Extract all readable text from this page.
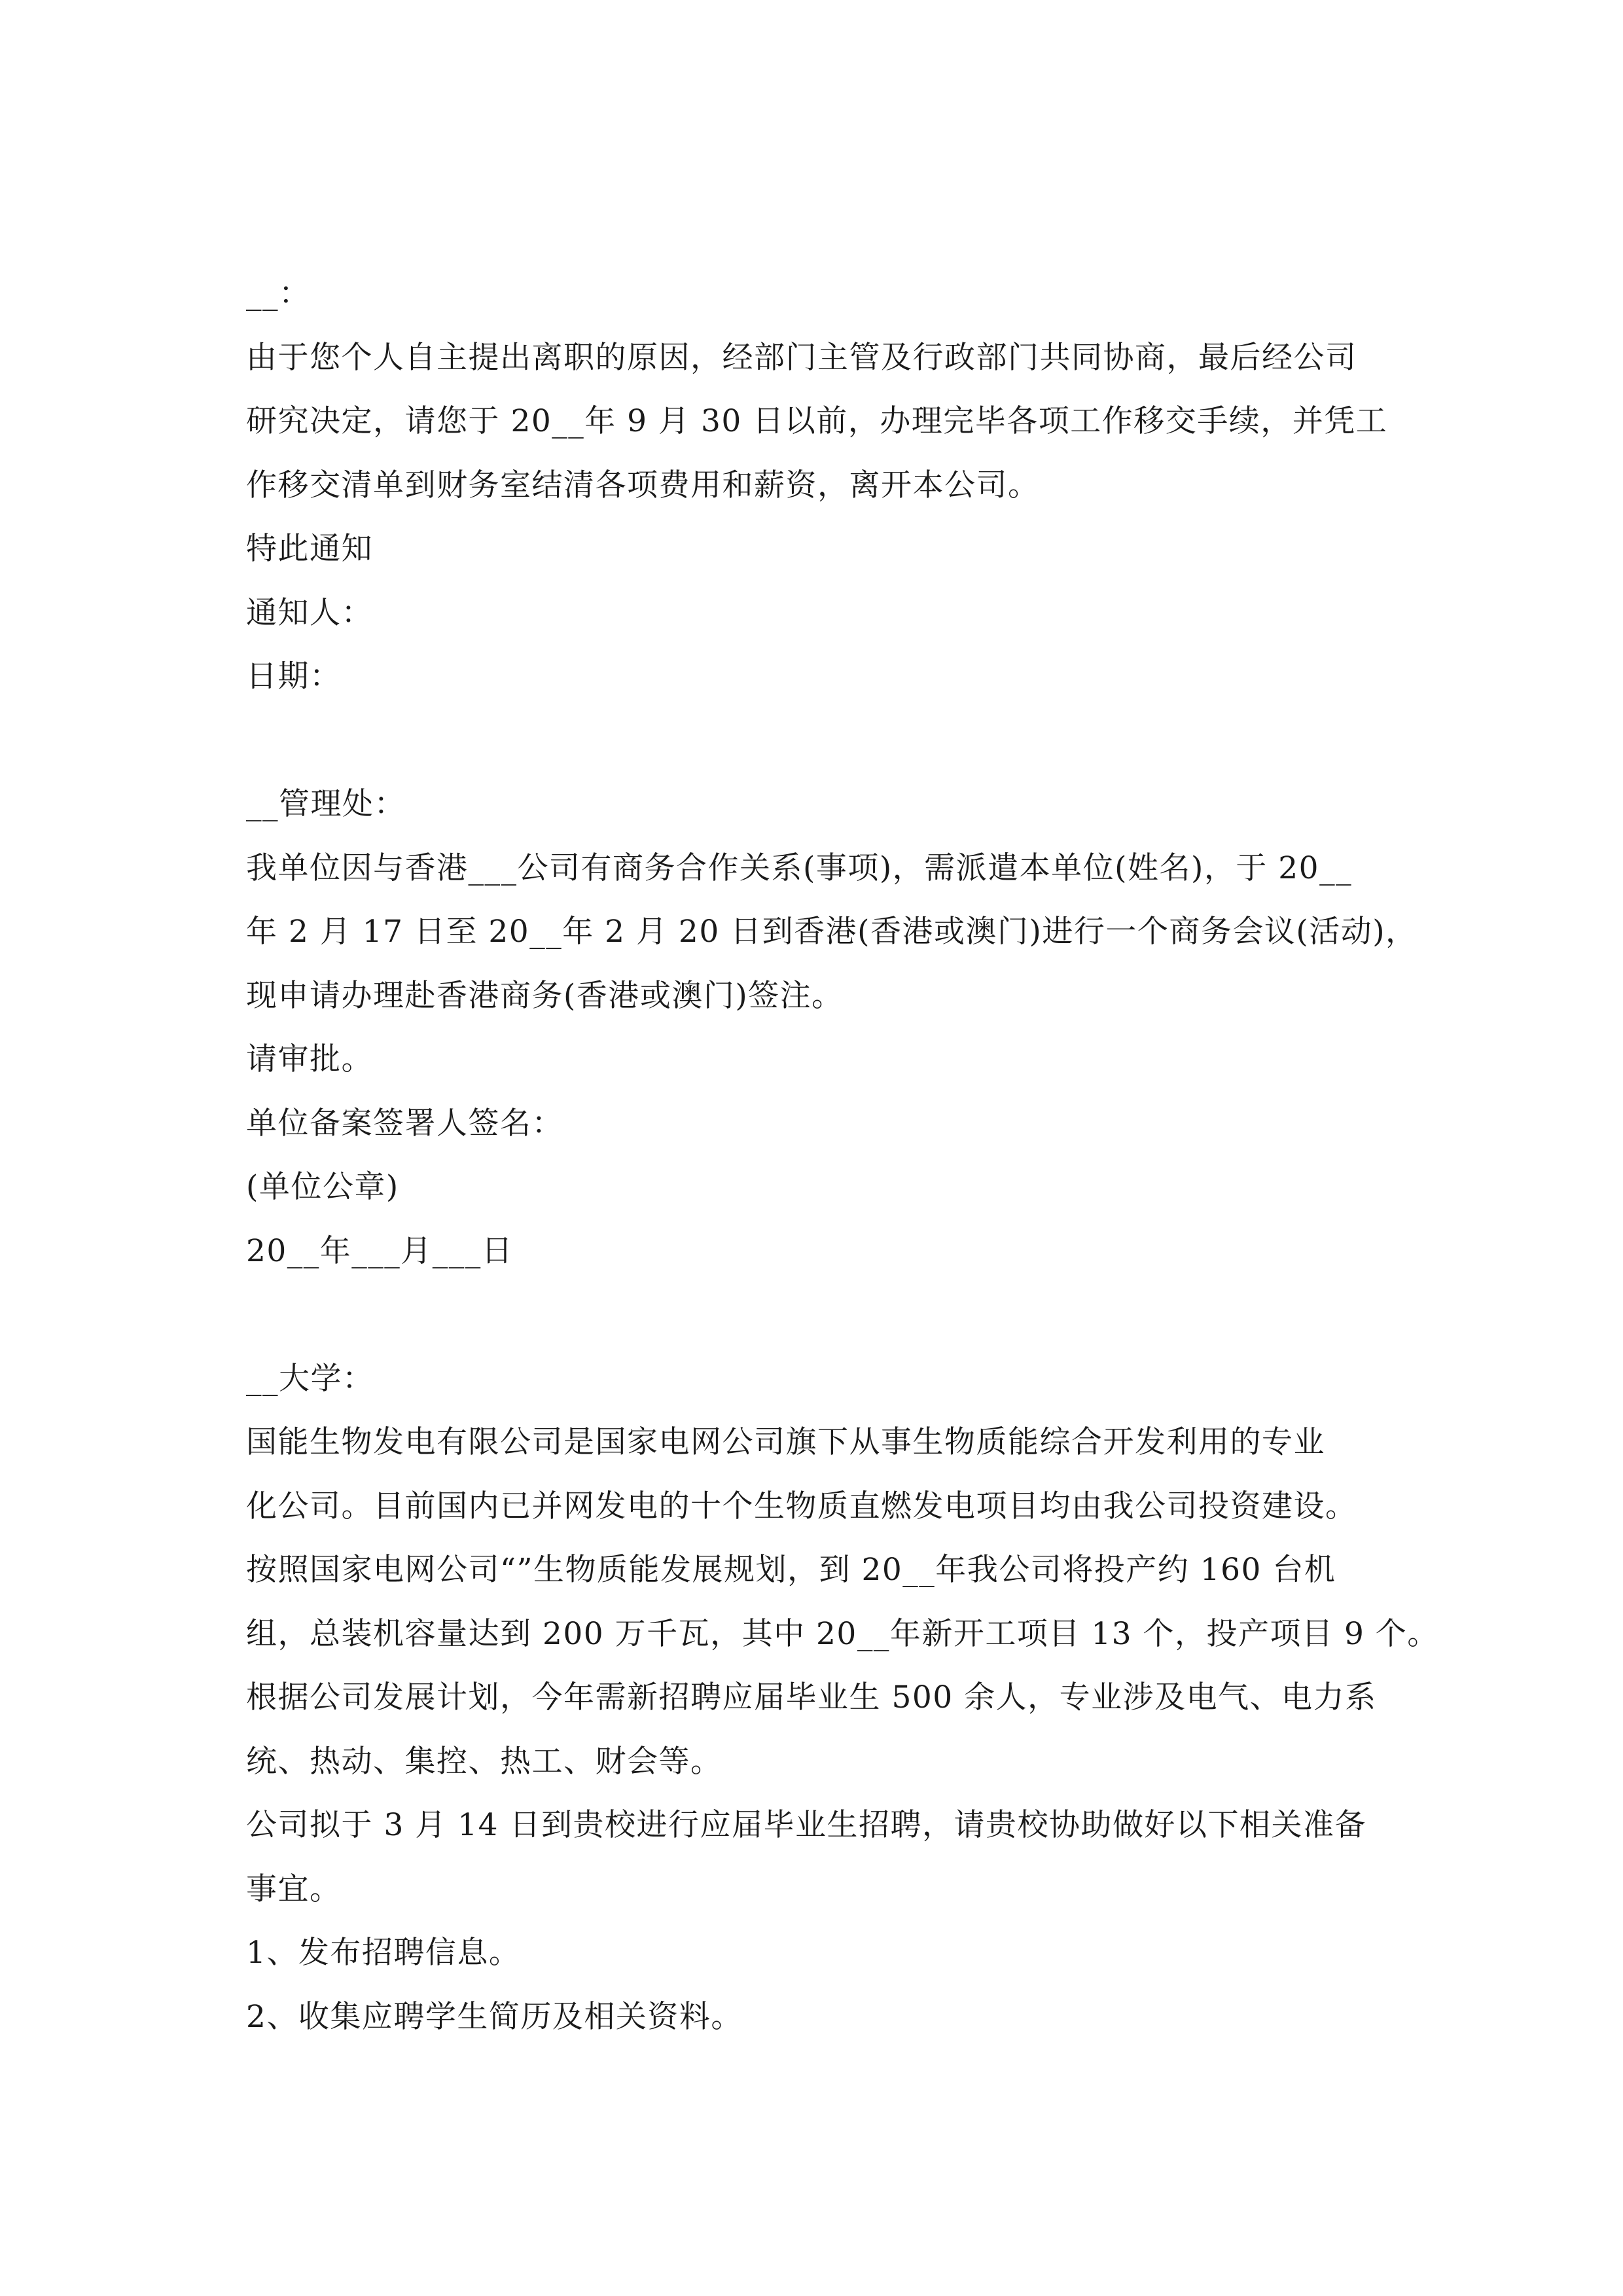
__：
由于您个人自主提出离职的原因，经部门主管及行政部门共同协商，最后经公司
研究决定，请您于 20__年 9 月 30 日以前，办理完毕各项工作移交手续，并凭工
作移交清单到财务室结清各项费用和薪资，离开本公司。
特此通知
通知人：
日期：
__管理处：
我单位因与香港___公司有商务合作关系(事项)，需派遣本单位(姓名)，于 20__
年 2 月 17 日至 20__年 2 月 20 日到香港(香港或澳门)进行一个商务会议(活动)，
现申请办理赴香港商务(香港或澳门)签注。
请审批。
单位备案签署人签名：
(单位公章)
20__年___月___日
__大学：
国能生物发电有限公司是国家电网公司旗下从事生物质能综合开发利用的专业
化公司。目前国内已并网发电的十个生物质直燃发电项目均由我公司投资建设。
按照国家电网公司“”生物质能发展规划，到 20__年我公司将投产约 160 台机
组，总装机容量达到 200 万千瓦，其中 20__年新开工项目 13 个，投产项目 9 个。
根据公司发展计划，今年需新招聘应届毕业生 500 余人，专业涉及电气、电力系
统、热动、集控、热工、财会等。
公司拟于 3 月 14 日到贵校进行应届毕业生招聘，请贵校协助做好以下相关准备
事宜。
1、发布招聘信息。
2、收集应聘学生简历及相关资料。
